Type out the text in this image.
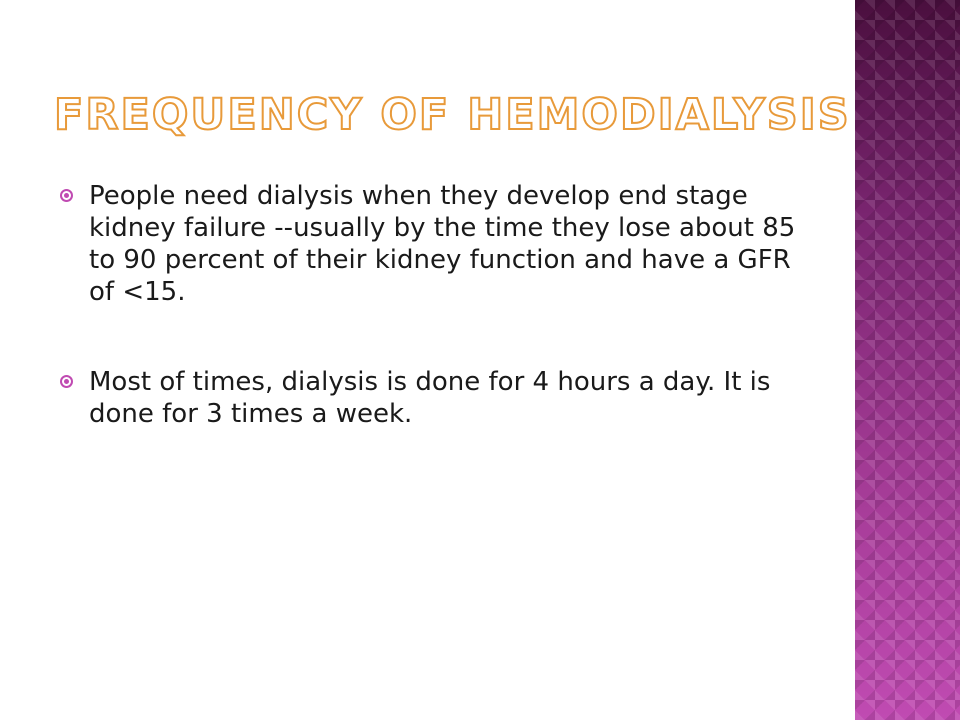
FREQUENCY OF HEMODIALYSIS
People need dialysis when they develop end stage kidney failure --usually by the time they lose about 85 to 90 percent of their kidney function and have a GFR of <15.
Most of times, dialysis is done for 4 hours a day. It is done for 3 times a week.
